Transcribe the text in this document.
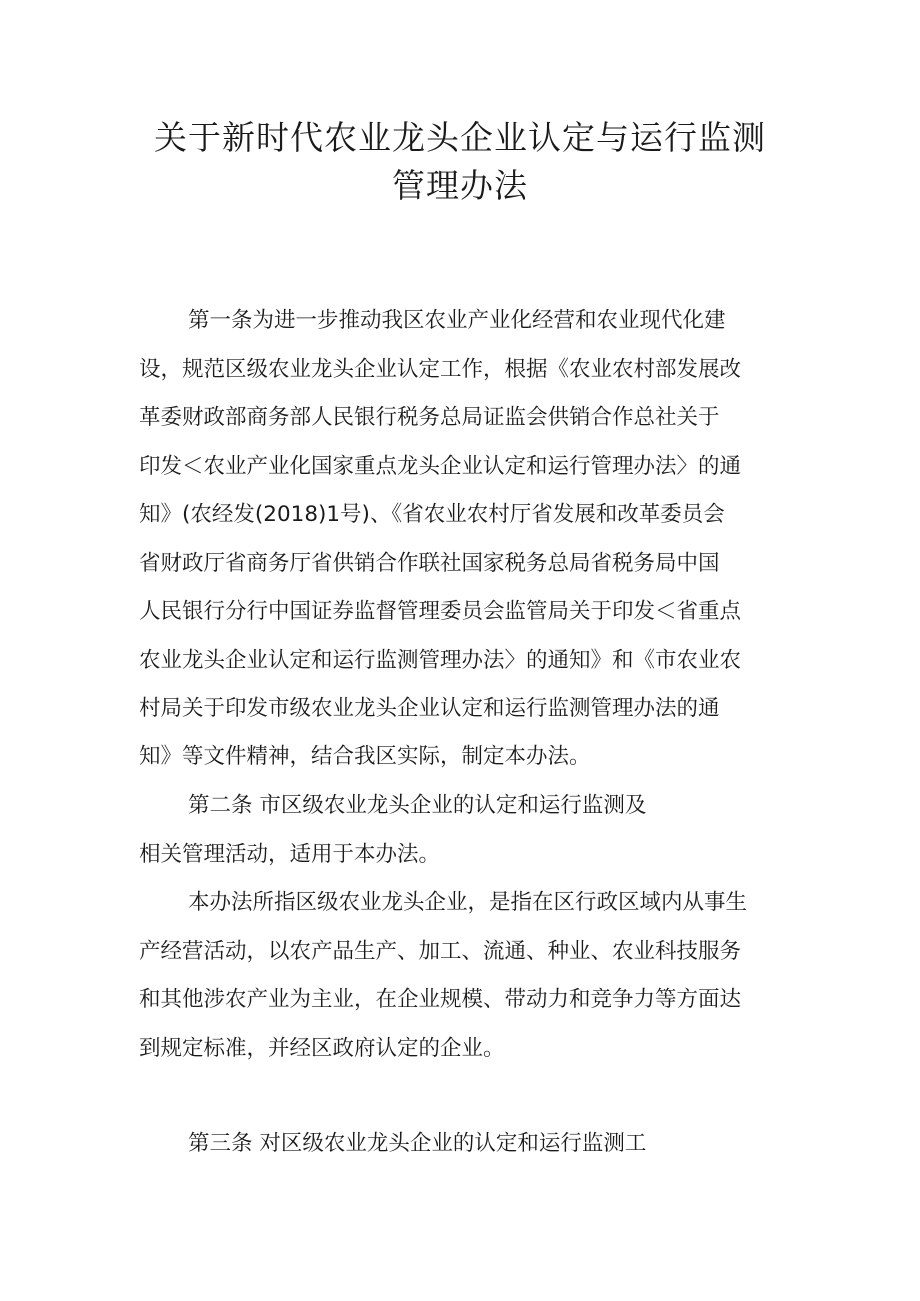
关于新时代农业龙头企业认定与运行监测
管理办法
第一条为进一步推动我区农业产业化经营和农业现代化建
设，规范区级农业龙头企业认定工作，根据《农业农村部发展改
革委财政部商务部人民银行税务总局证监会供销合作总社关于
印发＜农业产业化国家重点龙头企业认定和运行管理办法〉的通
知》(农经发(2018)1号)、《省农业农村厅省发展和改革委员会
省财政厅省商务厅省供销合作联社国家税务总局省税务局中国
人民银行分行中国证券监督管理委员会监管局关于印发＜省重点
农业龙头企业认定和运行监测管理办法〉的通知》和《市农业农
村局关于印发市级农业龙头企业认定和运行监测管理办法的通
知》等文件精神，结合我区实际，制定本办法。
第二条 市区级农业龙头企业的认定和运行监测及
相关管理活动，适用于本办法。
本办法所指区级农业龙头企业，是指在区行政区域内从事生
产经营活动，以农产品生产、加工、流通、种业、农业科技服务
和其他涉农产业为主业，在企业规模、带动力和竞争力等方面达
到规定标准，并经区政府认定的企业。
第三条 对区级农业龙头企业的认定和运行监测工
